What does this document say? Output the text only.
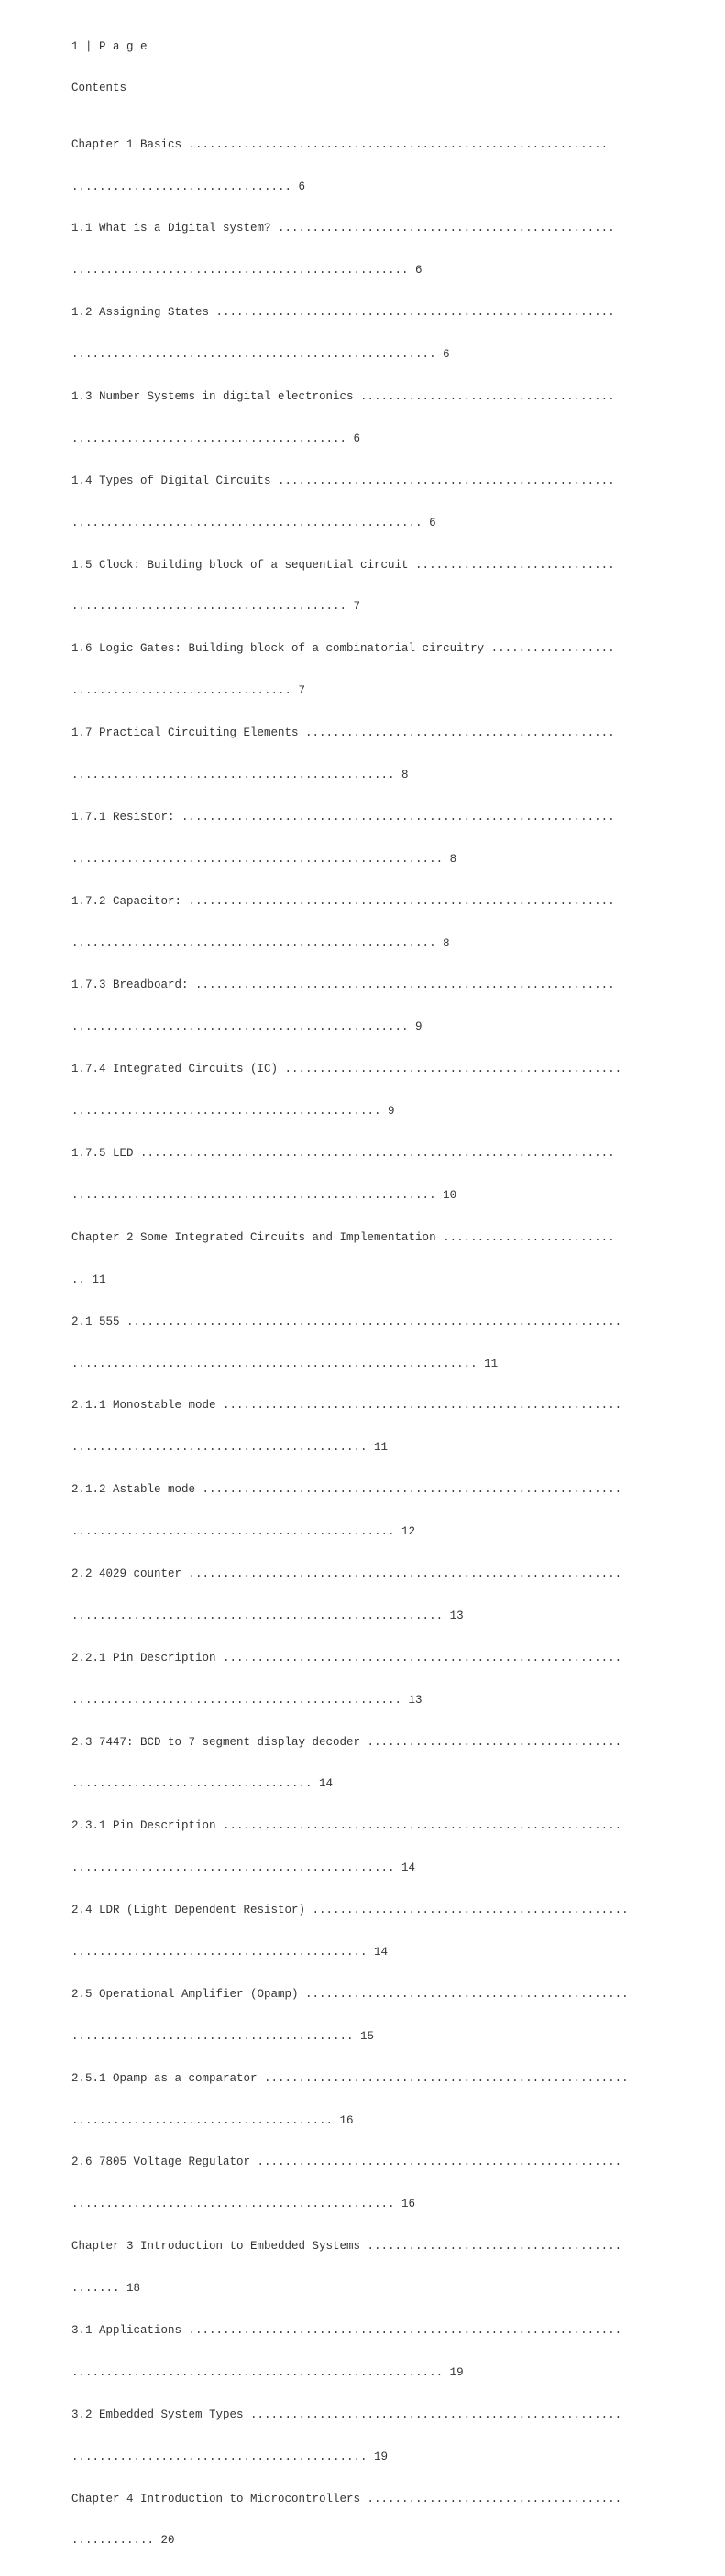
1 | P a g e

Contents

Chapter 1 Basics .............................................................

................................ 6

1.1 What is a Digital system? .................................................

................................................. 6

1.2 Assigning States ..........................................................

..................................................... 6

1.3 Number Systems in digital electronics .....................................

........................................ 6

1.4 Types of Digital Circuits .................................................

................................................... 6

1.5 Clock: Building block of a sequential circuit .............................

........................................ 7

1.6 Logic Gates: Building block of a combinatorial circuitry ..................

................................ 7

1.7 Practical Circuiting Elements .............................................

............................................... 8

1.7.1 Resistor: ...............................................................

...................................................... 8

1.7.2 Capacitor: ..............................................................

..................................................... 8

1.7.3 Breadboard: .............................................................

................................................. 9

1.7.4 Integrated Circuits (IC) .................................................

............................................. 9

1.7.5 LED .....................................................................

..................................................... 10

Chapter 2 Some Integrated Circuits and Implementation .........................

.. 11

2.1 555 ........................................................................

........................................................... 11

2.1.1 Monostable mode ..........................................................

........................................... 11

2.1.2 Astable mode .............................................................

............................................... 12

2.2 4029 counter ...............................................................

...................................................... 13

2.2.1 Pin Description ..........................................................

................................................ 13

2.3 7447: BCD to 7 segment display decoder .....................................

................................... 14

2.3.1 Pin Description ..........................................................

............................................... 14

2.4 LDR (Light Dependent Resistor) ..............................................

........................................... 14

2.5 Operational Amplifier (Opamp) ...............................................

......................................... 15

2.5.1 Opamp as a comparator .....................................................

...................................... 16

2.6 7805 Voltage Regulator .....................................................

............................................... 16

Chapter 3 Introduction to Embedded Systems .....................................

....... 18

3.1 Applications ...............................................................

...................................................... 19

3.2 Embedded System Types ......................................................

........................................... 19

Chapter 4 Introduction to Microcontrollers .....................................

............ 20
